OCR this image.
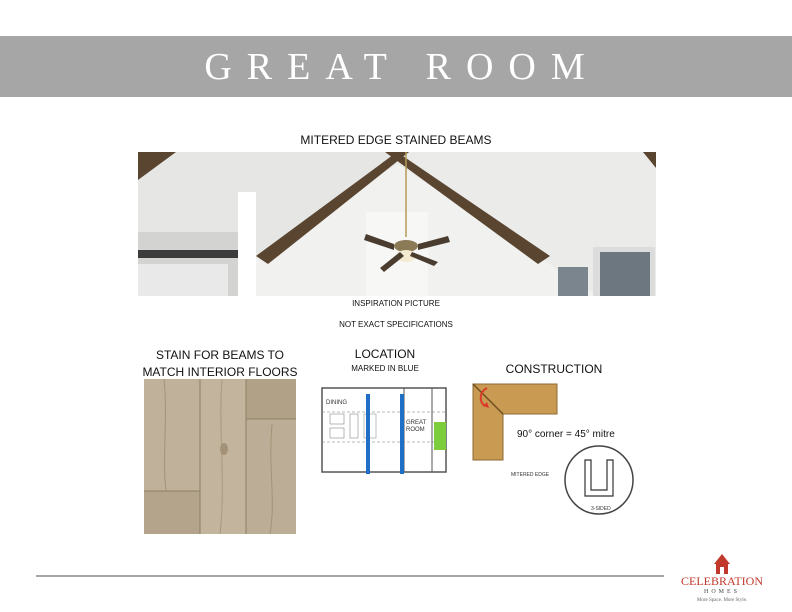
GREAT ROOM
MITERED EDGE STAINED BEAMS
INSPIRATION PICTURE
NOT EXACT SPECIFICATIONS
STAIN FOR BEAMS TO
MATCH INTERIOR FLOORS
LOCATION
MARKED IN BLUE
DINING
GREAT
ROOM
CONSTRUCTION
90° corner = 45° mitre
MITERED EDGE
3-SIDED
CELEBRATION
HOMES
More Space. More Style.
